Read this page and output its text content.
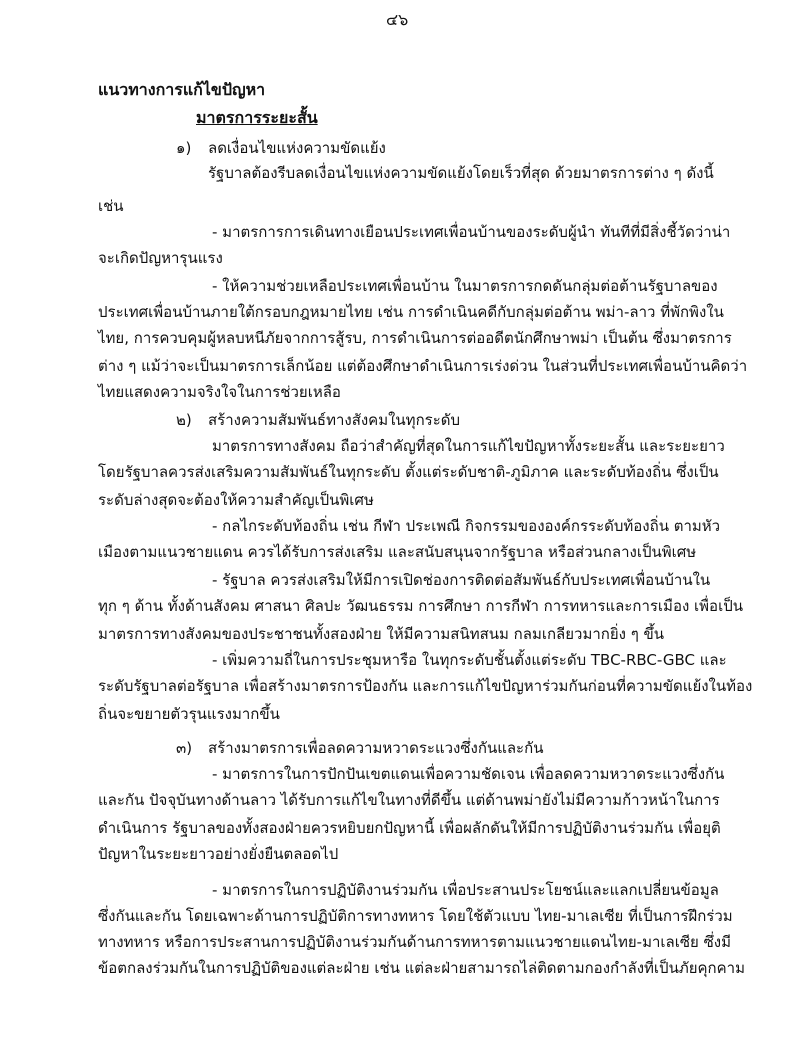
๔๖
แนวทางการแก้ไขปัญหา
มาตรการระยะสั้น
๑) ลดเงื่อนไขแห่งความขัดแย้ง
รัฐบาลต้องรีบลดเงื่อนไขแห่งความขัดแย้งโดยเร็วที่สุด ด้วยมาตรการต่าง ๆ ดังนี้
เช่น
- มาตรการการเดินทางเยือนประเทศเพื่อนบ้านของระดับผู้นำ ทันทีที่มีสิ่งชี้วัดว่าน่า
จะเกิดปัญหารุนแรง
- ให้ความช่วยเหลือประเทศเพื่อนบ้าน ในมาตรการกดดันกลุ่มต่อต้านรัฐบาลของ
ประเทศเพื่อนบ้านภายใต้กรอบกฎหมายไทย เช่น การดำเนินคดีกับกลุ่มต่อต้าน พม่า-ลาว ที่พักพิงใน
ไทย, การควบคุมผู้หลบหนีภัยจากการสู้รบ, การดำเนินการต่ออดีตนักศึกษาพม่า เป็นต้น ซึ่งมาตรการ
ต่าง ๆ แม้ว่าจะเป็นมาตรการเล็กน้อย แต่ต้องศึกษาดำเนินการเร่งด่วน ในส่วนที่ประเทศเพื่อนบ้านคิดว่า
ไทยแสดงความจริงใจในการช่วยเหลือ
๒) สร้างความสัมพันธ์ทางสังคมในทุกระดับ
มาตรการทางสังคม ถือว่าสำคัญที่สุดในการแก้ไขปัญหาทั้งระยะสั้น และระยะยาว
โดยรัฐบาลควรส่งเสริมความสัมพันธ์ในทุกระดับ ตั้งแต่ระดับชาติ-ภูมิภาค และระดับท้องถิ่น ซึ่งเป็น
ระดับล่างสุดจะต้องให้ความสำคัญเป็นพิเศษ
- กลไกระดับท้องถิ่น เช่น กีฬา ประเพณี กิจกรรมขององค์กรระดับท้องถิ่น ตามหัว
เมืองตามแนวชายแดน ควรได้รับการส่งเสริม และสนับสนุนจากรัฐบาล หรือส่วนกลางเป็นพิเศษ
- รัฐบาล ควรส่งเสริมให้มีการเปิดช่องการติดต่อสัมพันธ์กับประเทศเพื่อนบ้านใน
ทุก ๆ ด้าน ทั้งด้านสังคม ศาสนา ศิลปะ วัฒนธรรม การศึกษา การกีฬา การทหารและการเมือง เพื่อเป็น
มาตรการทางสังคมของประชาชนทั้งสองฝ่าย ให้มีความสนิทสนม กลมเกลียวมากยิ่ง ๆ ขึ้น
- เพิ่มความถี่ในการประชุมหารือ ในทุกระดับชั้นตั้งแต่ระดับ TBC-RBC-GBC และ
ระดับรัฐบาลต่อรัฐบาล เพื่อสร้างมาตรการป้องกัน และการแก้ไขปัญหาร่วมกันก่อนที่ความขัดแย้งในท้อง
ถิ่นจะขยายตัวรุนแรงมากขึ้น
๓) สร้างมาตรการเพื่อลดความหวาดระแวงซึ่งกันและกัน
- มาตรการในการปักปันเขตแดนเพื่อความชัดเจน เพื่อลดความหวาดระแวงซึ่งกัน
และกัน ปัจจุบันทางด้านลาว ได้รับการแก้ไขในทางที่ดีขึ้น แต่ด้านพม่ายังไม่มีความก้าวหน้าในการ
ดำเนินการ รัฐบาลของทั้งสองฝ่ายควรหยิบยกปัญหานี้ เพื่อผลักดันให้มีการปฏิบัติงานร่วมกัน เพื่อยุติ
ปัญหาในระยะยาวอย่างยั่งยืนตลอดไป
- มาตรการในการปฏิบัติงานร่วมกัน เพื่อประสานประโยชน์และแลกเปลี่ยนข้อมูล
ซึ่งกันและกัน โดยเฉพาะด้านการปฏิบัติการทางทหาร โดยใช้ตัวแบบ ไทย-มาเลเซีย ที่เป็นการฝึกร่วม
ทางทหาร หรือการประสานการปฏิบัติงานร่วมกันด้านการทหารตามแนวชายแดนไทย-มาเลเซีย ซึ่งมี
ข้อตกลงร่วมกันในการปฏิบัติของแต่ละฝ่าย เช่น แต่ละฝ่ายสามารถไล่ติดตามกองกำลังที่เป็นภัยคุกคาม
